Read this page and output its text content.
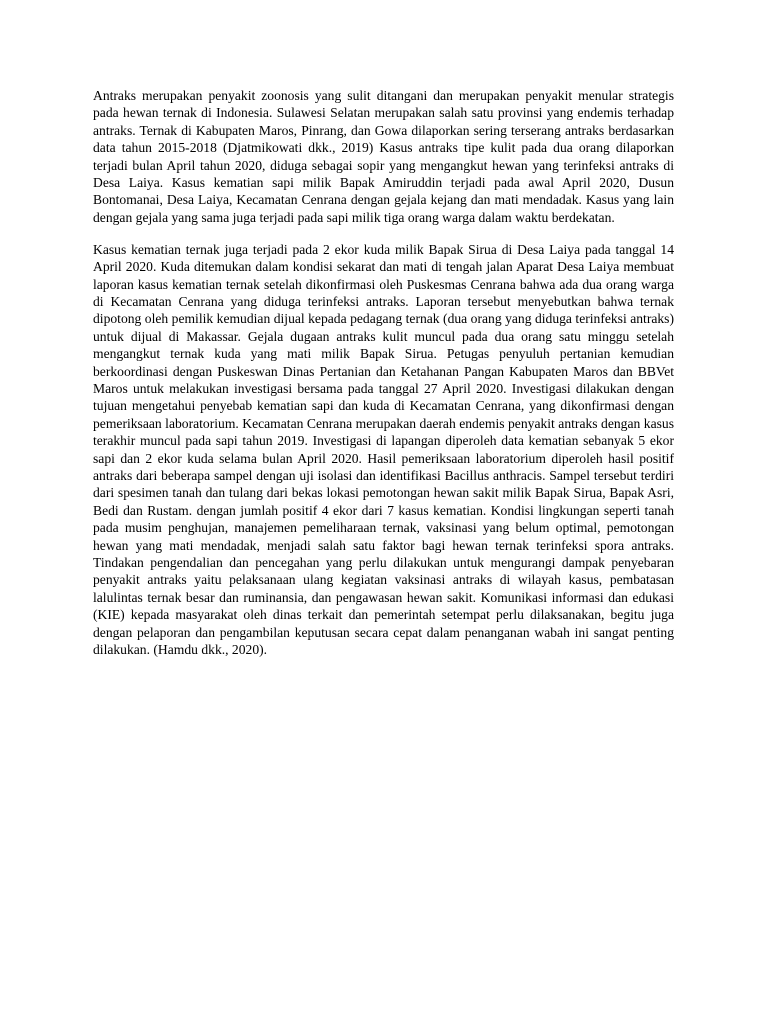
Antraks merupakan penyakit zoonosis yang sulit ditangani dan merupakan penyakit menular strategis pada hewan ternak di Indonesia. Sulawesi Selatan merupakan salah satu provinsi yang endemis terhadap antraks. Ternak di Kabupaten Maros, Pinrang, dan Gowa dilaporkan sering terserang antraks berdasarkan data tahun 2015-2018 (Djatmikowati dkk., 2019) Kasus antraks tipe kulit pada dua orang dilaporkan terjadi bulan April tahun 2020, diduga sebagai sopir yang mengangkut hewan yang terinfeksi antraks di Desa Laiya. Kasus kematian sapi milik Bapak Amiruddin terjadi pada awal April 2020, Dusun Bontomanai, Desa Laiya, Kecamatan Cenrana dengan gejala kejang dan mati mendadak. Kasus yang lain dengan gejala yang sama juga terjadi pada sapi milik tiga orang warga dalam waktu berdekatan.

Kasus kematian ternak juga terjadi pada 2 ekor kuda milik Bapak Sirua di Desa Laiya pada tanggal 14 April 2020. Kuda ditemukan dalam kondisi sekarat dan mati di tengah jalan Aparat Desa Laiya membuat laporan kasus kematian ternak setelah dikonfirmasi oleh Puskesmas Cenrana bahwa ada dua orang warga di Kecamatan Cenrana yang diduga terinfeksi antraks. Laporan tersebut menyebutkan bahwa ternak dipotong oleh pemilik kemudian dijual kepada pedagang ternak (dua orang yang diduga terinfeksi antraks) untuk dijual di Makassar. Gejala dugaan antraks kulit muncul pada dua orang satu minggu setelah mengangkut ternak kuda yang mati milik Bapak Sirua. Petugas penyuluh pertanian kemudian berkoordinasi dengan Puskeswan Dinas Pertanian dan Ketahanan Pangan Kabupaten Maros dan BBVet Maros untuk melakukan investigasi bersama pada tanggal 27 April 2020. Investigasi dilakukan dengan tujuan mengetahui penyebab kematian sapi dan kuda di Kecamatan Cenrana, yang dikonfirmasi dengan pemeriksaan laboratorium. Kecamatan Cenrana merupakan daerah endemis penyakit antraks dengan kasus terakhir muncul pada sapi tahun 2019. Investigasi di lapangan diperoleh data kematian sebanyak 5 ekor sapi dan 2 ekor kuda selama bulan April 2020. Hasil pemeriksaan laboratorium diperoleh hasil positif antraks dari beberapa sampel dengan uji isolasi dan identifikasi Bacillus anthracis. Sampel tersebut terdiri dari spesimen tanah dan tulang dari bekas lokasi pemotongan hewan sakit milik Bapak Sirua, Bapak Asri, Bedi dan Rustam. dengan jumlah positif 4 ekor dari 7 kasus kematian. Kondisi lingkungan seperti tanah pada musim penghujan, manajemen pemeliharaan ternak, vaksinasi yang belum optimal, pemotongan hewan yang mati mendadak, menjadi salah satu faktor bagi hewan ternak terinfeksi spora antraks. Tindakan pengendalian dan pencegahan yang perlu dilakukan untuk mengurangi dampak penyebaran penyakit antraks yaitu pelaksanaan ulang kegiatan vaksinasi antraks di wilayah kasus, pembatasan lalulintas ternak besar dan ruminansia, dan pengawasan hewan sakit. Komunikasi informasi dan edukasi (KIE) kepada masyarakat oleh dinas terkait dan pemerintah setempat perlu dilaksanakan, begitu juga dengan pelaporan dan pengambilan keputusan secara cepat dalam penanganan wabah ini sangat penting dilakukan. (Hamdu dkk., 2020).
